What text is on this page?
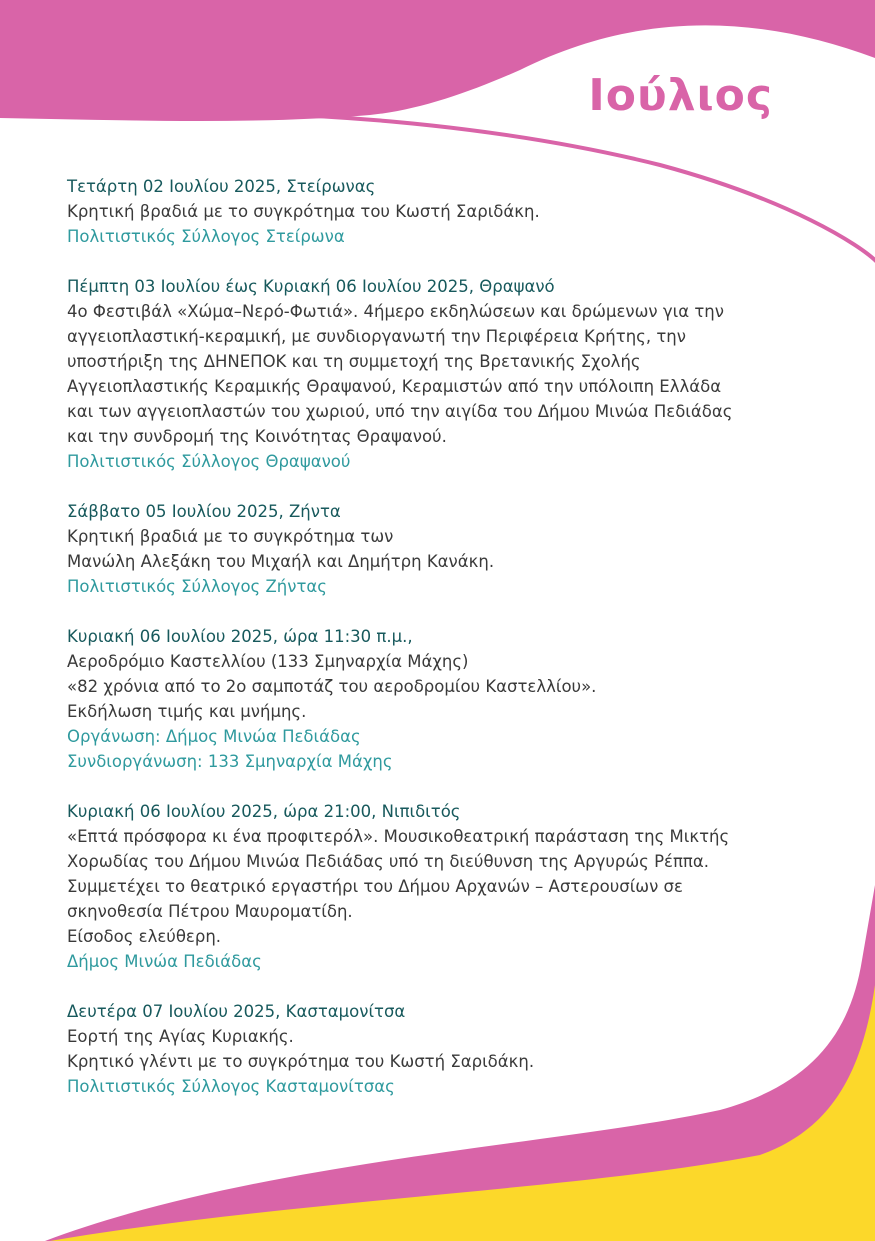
Ιούλιος

Τετάρτη 02 Ιουλίου 2025, Στείρωνας

Κρητική βραδιά με το συγκρότημα του Κωστή Σαριδάκη.

Πολιτιστικός Σύλλογος Στείρωνα

Πέμπτη 03 Ιουλίου έως Κυριακή 06 Ιουλίου 2025, Θραψανό

4ο Φεστιβάλ «Χώμα–Νερό-Φωτιά». 4ήμερο εκδηλώσεων και δρώμενων για την

αγγειοπλαστική-κεραμική, με συνδιοργανωτή την Περιφέρεια Κρήτης, την

υποστήριξη της ΔΗΝΕΠΟΚ και τη συμμετοχή της Βρετανικής Σχολής

Αγγειοπλαστικής Κεραμικής Θραψανού, Κεραμιστών από την υπόλοιπη Ελλάδα

και των αγγειοπλαστών του χωριού, υπό την αιγίδα του Δήμου Μινώα Πεδιάδας

και την συνδρομή της Κοινότητας Θραψανού.

Πολιτιστικός Σύλλογος Θραψανού

Σάββατο 05 Ιουλίου 2025, Ζήντα

Κρητική βραδιά με το συγκρότημα των

Μανώλη Αλεξάκη του Μιχαήλ και Δημήτρη Κανάκη.

Πολιτιστικός Σύλλογος Ζήντας

Κυριακή 06 Ιουλίου 2025, ώρα 11:30 π.μ.,

Αεροδρόμιο Καστελλίου (133 Σμηναρχία Μάχης)

«82 χρόνια από το 2ο σαμποτάζ του αεροδρομίου Καστελλίου».

Εκδήλωση τιμής και μνήμης.

Οργάνωση: Δήμος Μινώα Πεδιάδας

Συνδιοργάνωση: 133 Σμηναρχία Μάχης

Κυριακή 06 Ιουλίου 2025, ώρα 21:00, Νιπιδιτός

«Επτά πρόσφορα κι ένα προφιτερόλ». Μουσικοθεατρική παράσταση της Μικτής

Χορωδίας του Δήμου Μινώα Πεδιάδας υπό τη διεύθυνση της Αργυρώς Ρέππα.

Συμμετέχει το θεατρικό εργαστήρι του Δήμου Αρχανών – Αστερουσίων σε

σκηνοθεσία Πέτρου Μαυροματίδη.

Είσοδος ελεύθερη.

Δήμος Μινώα Πεδιάδας

Δευτέρα 07 Ιουλίου 2025, Κασταμονίτσα

Εορτή της Αγίας Κυριακής.

Κρητικό γλέντι με το συγκρότημα του Κωστή Σαριδάκη.

Πολιτιστικός Σύλλογος Κασταμονίτσας
